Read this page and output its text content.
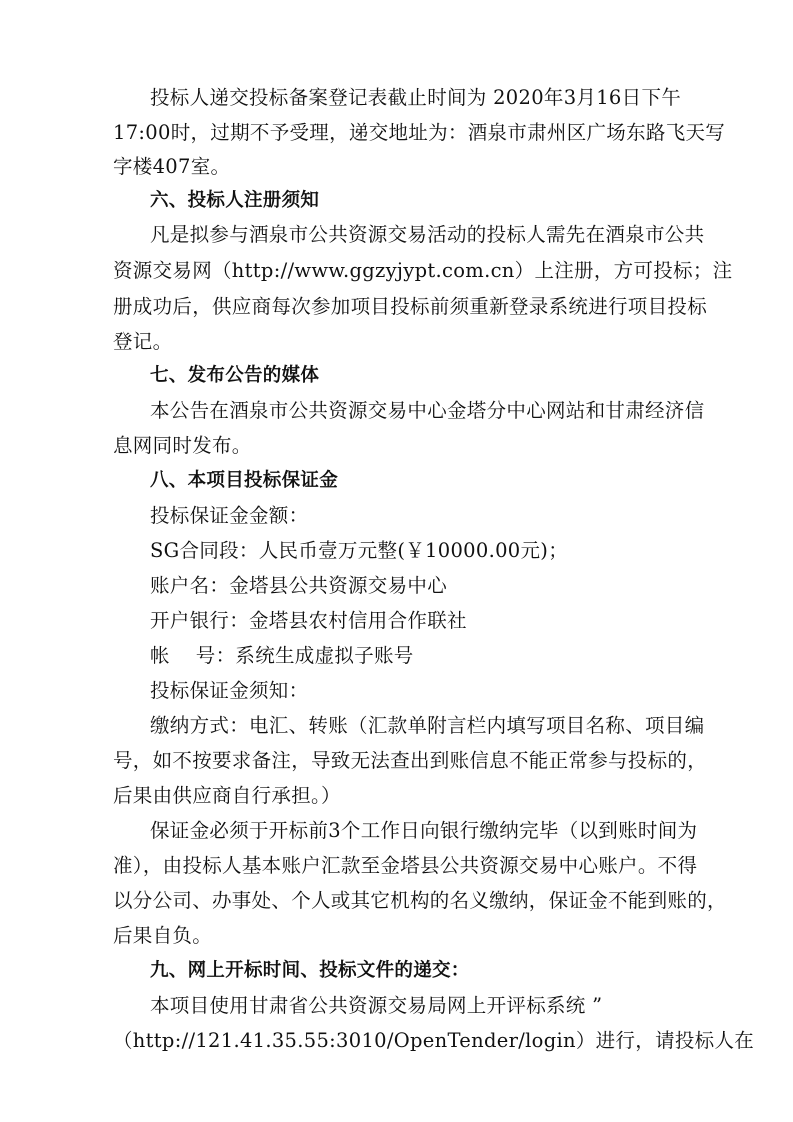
投标人递交投标备案登记表截止时间为 2020年3月16日下午
17:00时，过期不予受理，递交地址为：酒泉市肃州区广场东路飞天写
字楼407室。
六、投标人注册须知
凡是拟参与酒泉市公共资源交易活动的投标人需先在酒泉市公共
资源交易网（http://www.ggzyjypt.com.cn）上注册，方可投标；注
册成功后，供应商每次参加项目投标前须重新登录系统进行项目投标
登记。
七、发布公告的媒体
本公告在酒泉市公共资源交易中心金塔分中心网站和甘肃经济信
息网同时发布。
八、本项目投标保证金
投标保证金金额：
SG合同段：人民币壹万元整(￥10000.00元)；
账户名：金塔县公共资源交易中心
开户银行：金塔县农村信用合作联社
帐    号：系统生成虚拟子账号
投标保证金须知：
缴纳方式：电汇、转账（汇款单附言栏内填写项目名称、项目编
号，如不按要求备注，导致无法查出到账信息不能正常参与投标的，
后果由供应商自行承担。）
保证金必须于开标前3个工作日向银行缴纳完毕（以到账时间为
准），由投标人基本账户汇款至金塔县公共资源交易中心账户。不得
以分公司、办事处、个人或其它机构的名义缴纳，保证金不能到账的，
后果自负。
九、网上开标时间、投标文件的递交：
本项目使用甘肃省公共资源交易局网上开评标系统 ”
（http://121.41.35.55:3010/OpenTender/login）进行，请投标人在
